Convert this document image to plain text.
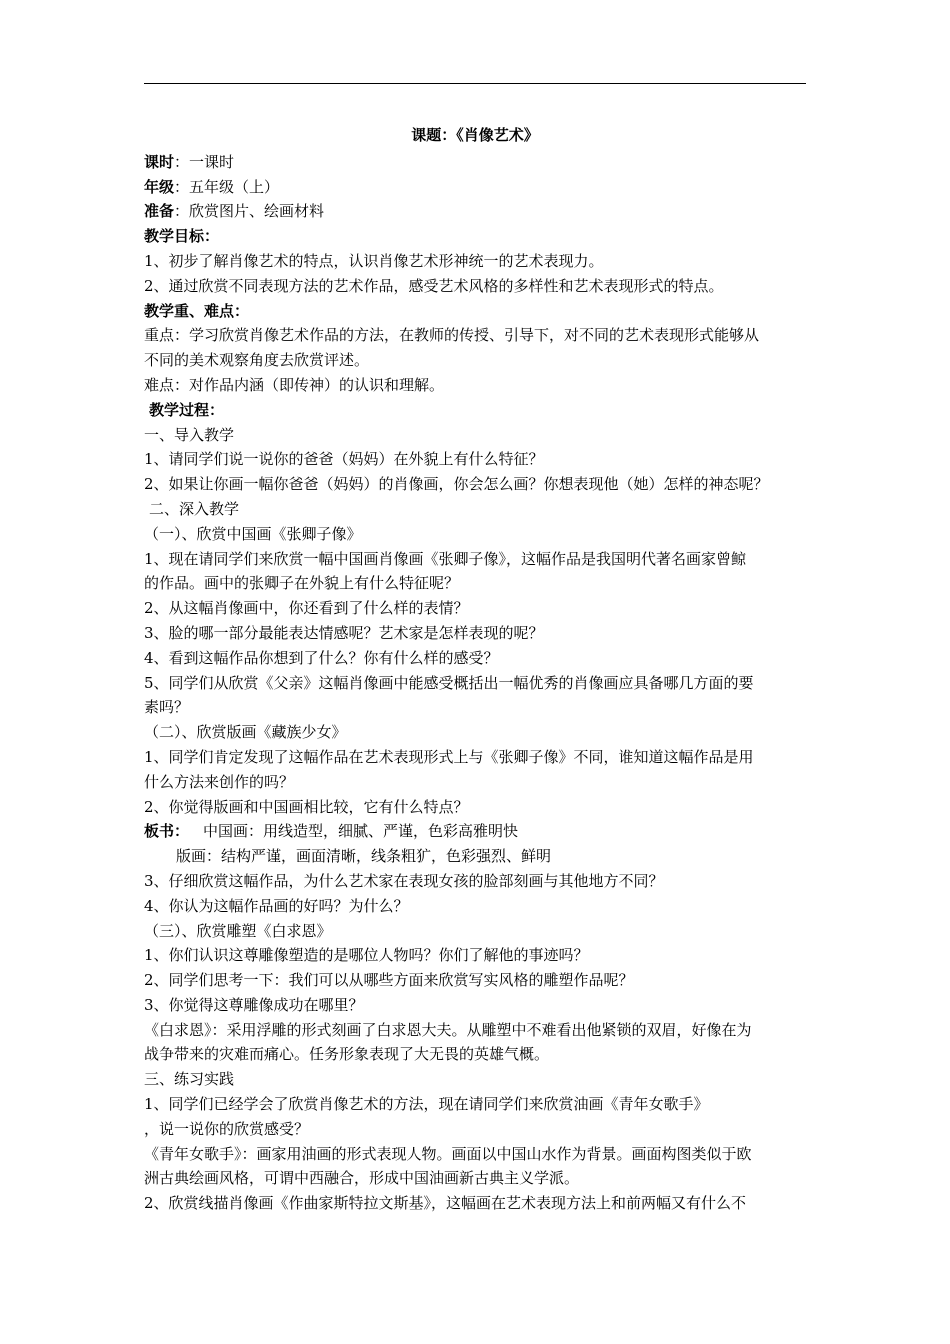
课题：《肖像艺术》

课时：一课时

年级：五年级（上）

准备：欣赏图片、绘画材料

教学目标：

1、初步了解肖像艺术的特点，认识肖像艺术形神统一的艺术表现力。

2、通过欣赏不同表现方法的艺术作品，感受艺术风格的多样性和艺术表现形式的特点。

教学重、难点：

重点：学习欣赏肖像艺术作品的方法，在教师的传授、引导下，对不同的艺术表现形式能够从

不同的美术观察角度去欣赏评述。

难点：对作品内涵（即传神）的认识和理解。

教学过程：

一、导入教学

1、请同学们说一说你的爸爸（妈妈）在外貌上有什么特征？

2、如果让你画一幅你爸爸（妈妈）的肖像画，你会怎么画？你想表现他（她）怎样的神态呢？

二、深入教学

（一）、欣赏中国画《张卿子像》

1、现在请同学们来欣赏一幅中国画肖像画《张卿子像》，这幅作品是我国明代著名画家曾鲸

的作品。画中的张卿子在外貌上有什么特征呢？

2、从这幅肖像画中，你还看到了什么样的表情？

3、脸的哪一部分最能表达情感呢？艺术家是怎样表现的呢？

4、看到这幅作品你想到了什么？你有什么样的感受？

5、同学们从欣赏《父亲》这幅肖像画中能感受概括出一幅优秀的肖像画应具备哪几方面的要

素吗？

（二）、欣赏版画《藏族少女》

1、同学们肯定发现了这幅作品在艺术表现形式上与《张卿子像》不同，谁知道这幅作品是用

什么方法来创作的吗？

2、你觉得版画和中国画相比较，它有什么特点？

板书： 中国画：用线造型，细腻、严谨，色彩高雅明快

版画：结构严谨，画面清晰，线条粗犷，色彩强烈、鲜明

3、仔细欣赏这幅作品，为什么艺术家在表现女孩的脸部刻画与其他地方不同？

4、你认为这幅作品画的好吗？为什么？

（三）、欣赏雕塑《白求恩》

1、你们认识这尊雕像塑造的是哪位人物吗？你们了解他的事迹吗？

2、同学们思考一下：我们可以从哪些方面来欣赏写实风格的雕塑作品呢？

3、你觉得这尊雕像成功在哪里？

《白求恩》：采用浮雕的形式刻画了白求恩大夫。从雕塑中不难看出他紧锁的双眉，好像在为

战争带来的灾难而痛心。任务形象表现了大无畏的英雄气概。

三、练习实践

1、同学们已经学会了欣赏肖像艺术的方法，现在请同学们来欣赏油画《青年女歌手》

，说一说你的欣赏感受？

《青年女歌手》：画家用油画的形式表现人物。画面以中国山水作为背景。画面构图类似于欧

洲古典绘画风格，可谓中西融合，形成中国油画新古典主义学派。

2、欣赏线描肖像画《作曲家斯特拉文斯基》，这幅画在艺术表现方法上和前两幅又有什么不
